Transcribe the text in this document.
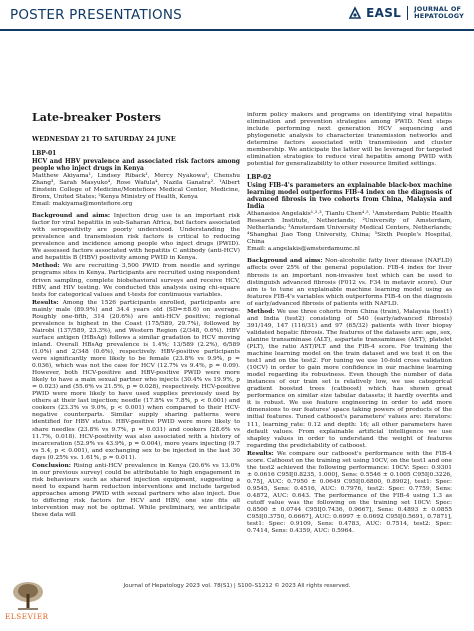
POSTER PRESENTATIONS	EASL JOURNAL OF
HEPATOLOGY
Late-breaker Posters
WEDNESDAY 21 TO SATURDAY 24 JUNE
LBP-01
HCV and HBV prevalence and associated risk factors among people who inject drugs in Kenya
Matthew Akiyama¹, Lindsey Riback¹, Mercy Nyakowa², Chenshu Zhang³, Sarah Masyuko⁴, Rose Wafula⁴, Nazila Ganatra². ¹Albert Einstein College of Medicine/Montefiore Medical Center, Medicine, Bronx, United States; ²Kenya Ministry of Health, Kenya
Email: makiyama@montefiore.org

Background and aims: Injection drug use is an important risk factor for viral hepatitis in sub-Saharan Africa, but factors associated with seropositivity are poorly understood. Understanding the prevalence and transmission risk factors is critical to reducing prevalence and incidence among people who inject drugs (PWID). We assessed factors associated with hepatitis C antibody (anti-HCV) and hepatitis B (HBV) positivity among PWID in Kenya.

Method: We are recruiting 3,500 PWID from needle and syringe programs sites in Kenya. Participants are recruited using respondent driven sampling, complete biobehavioral surveys and receive HCV, HBV, and HIV testing. We conducted this analysis using chi-square tests for categorical values and t-tests for continuous variables.

Results: Among the 1526 participants enrolled, participants are mainly male (89.9%) and 34.4 years old (SD=±8.6) on average. Roughly one-fifth, 314 (20.6%) are anti-HCV positive; regional prevalence is highest in the Coast (175/589, 29.7%), followed by Nairobi (137/589, 23.3%), and Western Region (2/348, 0.6%). HBV surface antigen (HBsAg) follows a similar gradation to HCV moving inland. Overall HBsAg prevalence is 1.4%; 13/589 (2.2%), 6/589 (1.0%) and 2/348 (0.6%), respectively. HBV-positive participants were significantly more likely to be female (23.8% vs 9.9%, p = 0.036), which was not the case for HCV (12.7% vs 9.4%, p = 0.09). However, both HCV-positive and HBV-positive PWID were more likely to have a main sexual partner who injects (30.4% vs 19.9%, p = 0.023) and (55.6% vs 21.5%, p = 0.028), respectively. HCV-positive PWID were more likely to have used supplies previously used by others at their last injection; needle (17.8% vs 7.8%, p < 0.001) and cookers (23.3% vs 9.0%, p < 0.001) when compared to their HCV-negative counterparts. Similar supply sharing patterns were identified for HBV status. HBV-positive PWID were more likely to share needles (23.8% vs 9.7%, p = 0.031) and cookers (28.6% vs 11.7%, 0.018). HCV-positivity was also associated with a history of incarceration (52.9% vs 43.9%, p = 0.004), more years injecting (9.7 vs 5.4, p < 0.001), and exchanging sex to be injected in the last 30 days (0.25% vs. 1.61%, p = 0.011).

Conclusion: Rising anti-HCV prevalence in Kenya (20.6% vs 13.0% in our previous survey) could be attributable to high engagement in risk behaviours such as shared injection equipment, suggesting a need to expand harm reduction interventions and include targeted approaches among PWID with sexual partners who also inject. Due to differing risk factors for HCV and HBV, one size fits all intervention may not be optimal. While preliminary, we anticipate these data will

inform policy makers and programs on identifying viral hepatitis elimination and prevention strategies among PWID. Next steps include performing next generation HCV sequencing and phylogenetic analysis to characterize transmission networks and determine factors associated with transmission and cluster membership. We anticipate the latter will be leveraged for targeted elimination strategies to reduce viral hepatitis among PWID with potential for generalizability to other resource limited settings.

LBP-02
Using FIB-4's parameters an explainable black-box machine learning model outperforms FIB-4 index on the diagnosis of advanced fibrosis in two cohorts from China, Malaysia and India
Athanasios Angelakis¹·²·³, Tianlu Chen⁴·⁵. ¹Amsterdam Public Health Research Institute, Netherlands; ²University of Amsterdam, Netherlands; ³Amsterdam University Medical Centers, Netherlands; ⁴Shanghai Jiao Tong University, China; ⁵Sixth People's Hospital, China
Email: a.angelakis@amsterdamumc.nl

Background and aims: Non-alcoholic fatty liver disease (NAFLD) affects over 25% of the general population. FIB-4 index for liver fibrosis is an important non-invasive test which can be used to distinguish advanced fibrosis (F012 vs. F34 in metavir score). Our aim is to tune an explainable machine learning model using as features FIB-4's variables which outperforms FIB-4 on the diagnosis of early/advanced fibrosis of patients with NAFLD.

Method: We use three cohorts from China (train), Malaysia (test1) and India (test2) consisting of 540 (early/advanced fibrosis) 391/149, 147 (116/31) and 97 (65/32) patients with liver biopsy validated hepatic fibrosis. The features of the datasets are: age, sex, alanine transaminase (ALT), aspartate transaminase (AST), platelet (PLT), the ratio AST/PLT and the FIB-4 score. For training the machine learning model on the train dataset and we test it on the test1 and on the test2. For tuning we use 10-fold cross validation (10CV) in order to gain more confidence in our machine learning model regarding its robustness. Even though the number of data instances of our train set is relatively low, we use categorical gradient boosted trees (catboost) which has shown great performance on similar size tabular datasets; it hardly overfits and it is robust. We use feature engineering in order to add more dimensions to our features' space taking powers of products of the initial features. Tuned catboost's parameters' values are: iterators: 111, learning_rate: 0.12 and depth: 16; all other parameters have default values. From explainable artificial intelligence we use shapley values in order to understand the weight of features regarding the predictability of catboost.

Results: We compare our catboost's performance with the FIB-4 score. Catboost on the training set using 10CV, on the test1 and one the test2 achieved the following performance: 10CV: Spec: 0.9301 ± 0.0616 C95I[0.8235, 1.000], Sens: 0.5546 ± 0.1005 C95I[0.3226, 0.75], AUC: 0.7950 ± 0.0649 C95I[0.6800, 0.8902], test1: Spec: 0.9545, Sens: 0.4516, AUC: 0.7976, test2: Spec: 0.7759, Sens: 0.4872, AUC: 0.643. The performance of the FIB-4 using 1.3 as cutoff value was the following on the training set 10CV: Spec: 0.8500 ± 0.0744 C95I[0.7436, 0.9667], Sens: 0.4893 ± 0.0855 C95I[0.3750, 0.6667], AUC: 0.6997 ± 0.0692 C95I[0.5691, 0.7871], test1: Spec: 0.9109, Sens: 0.4783, AUC: 0.7514, test2: Spec: 0.7414, Sens: 0.4359, AUC: 0.5964.

Journal of Hepatology 2023 vol. 78(S1) | S100–S1212 © 2023 All rights reserved.
ELSEVIER
